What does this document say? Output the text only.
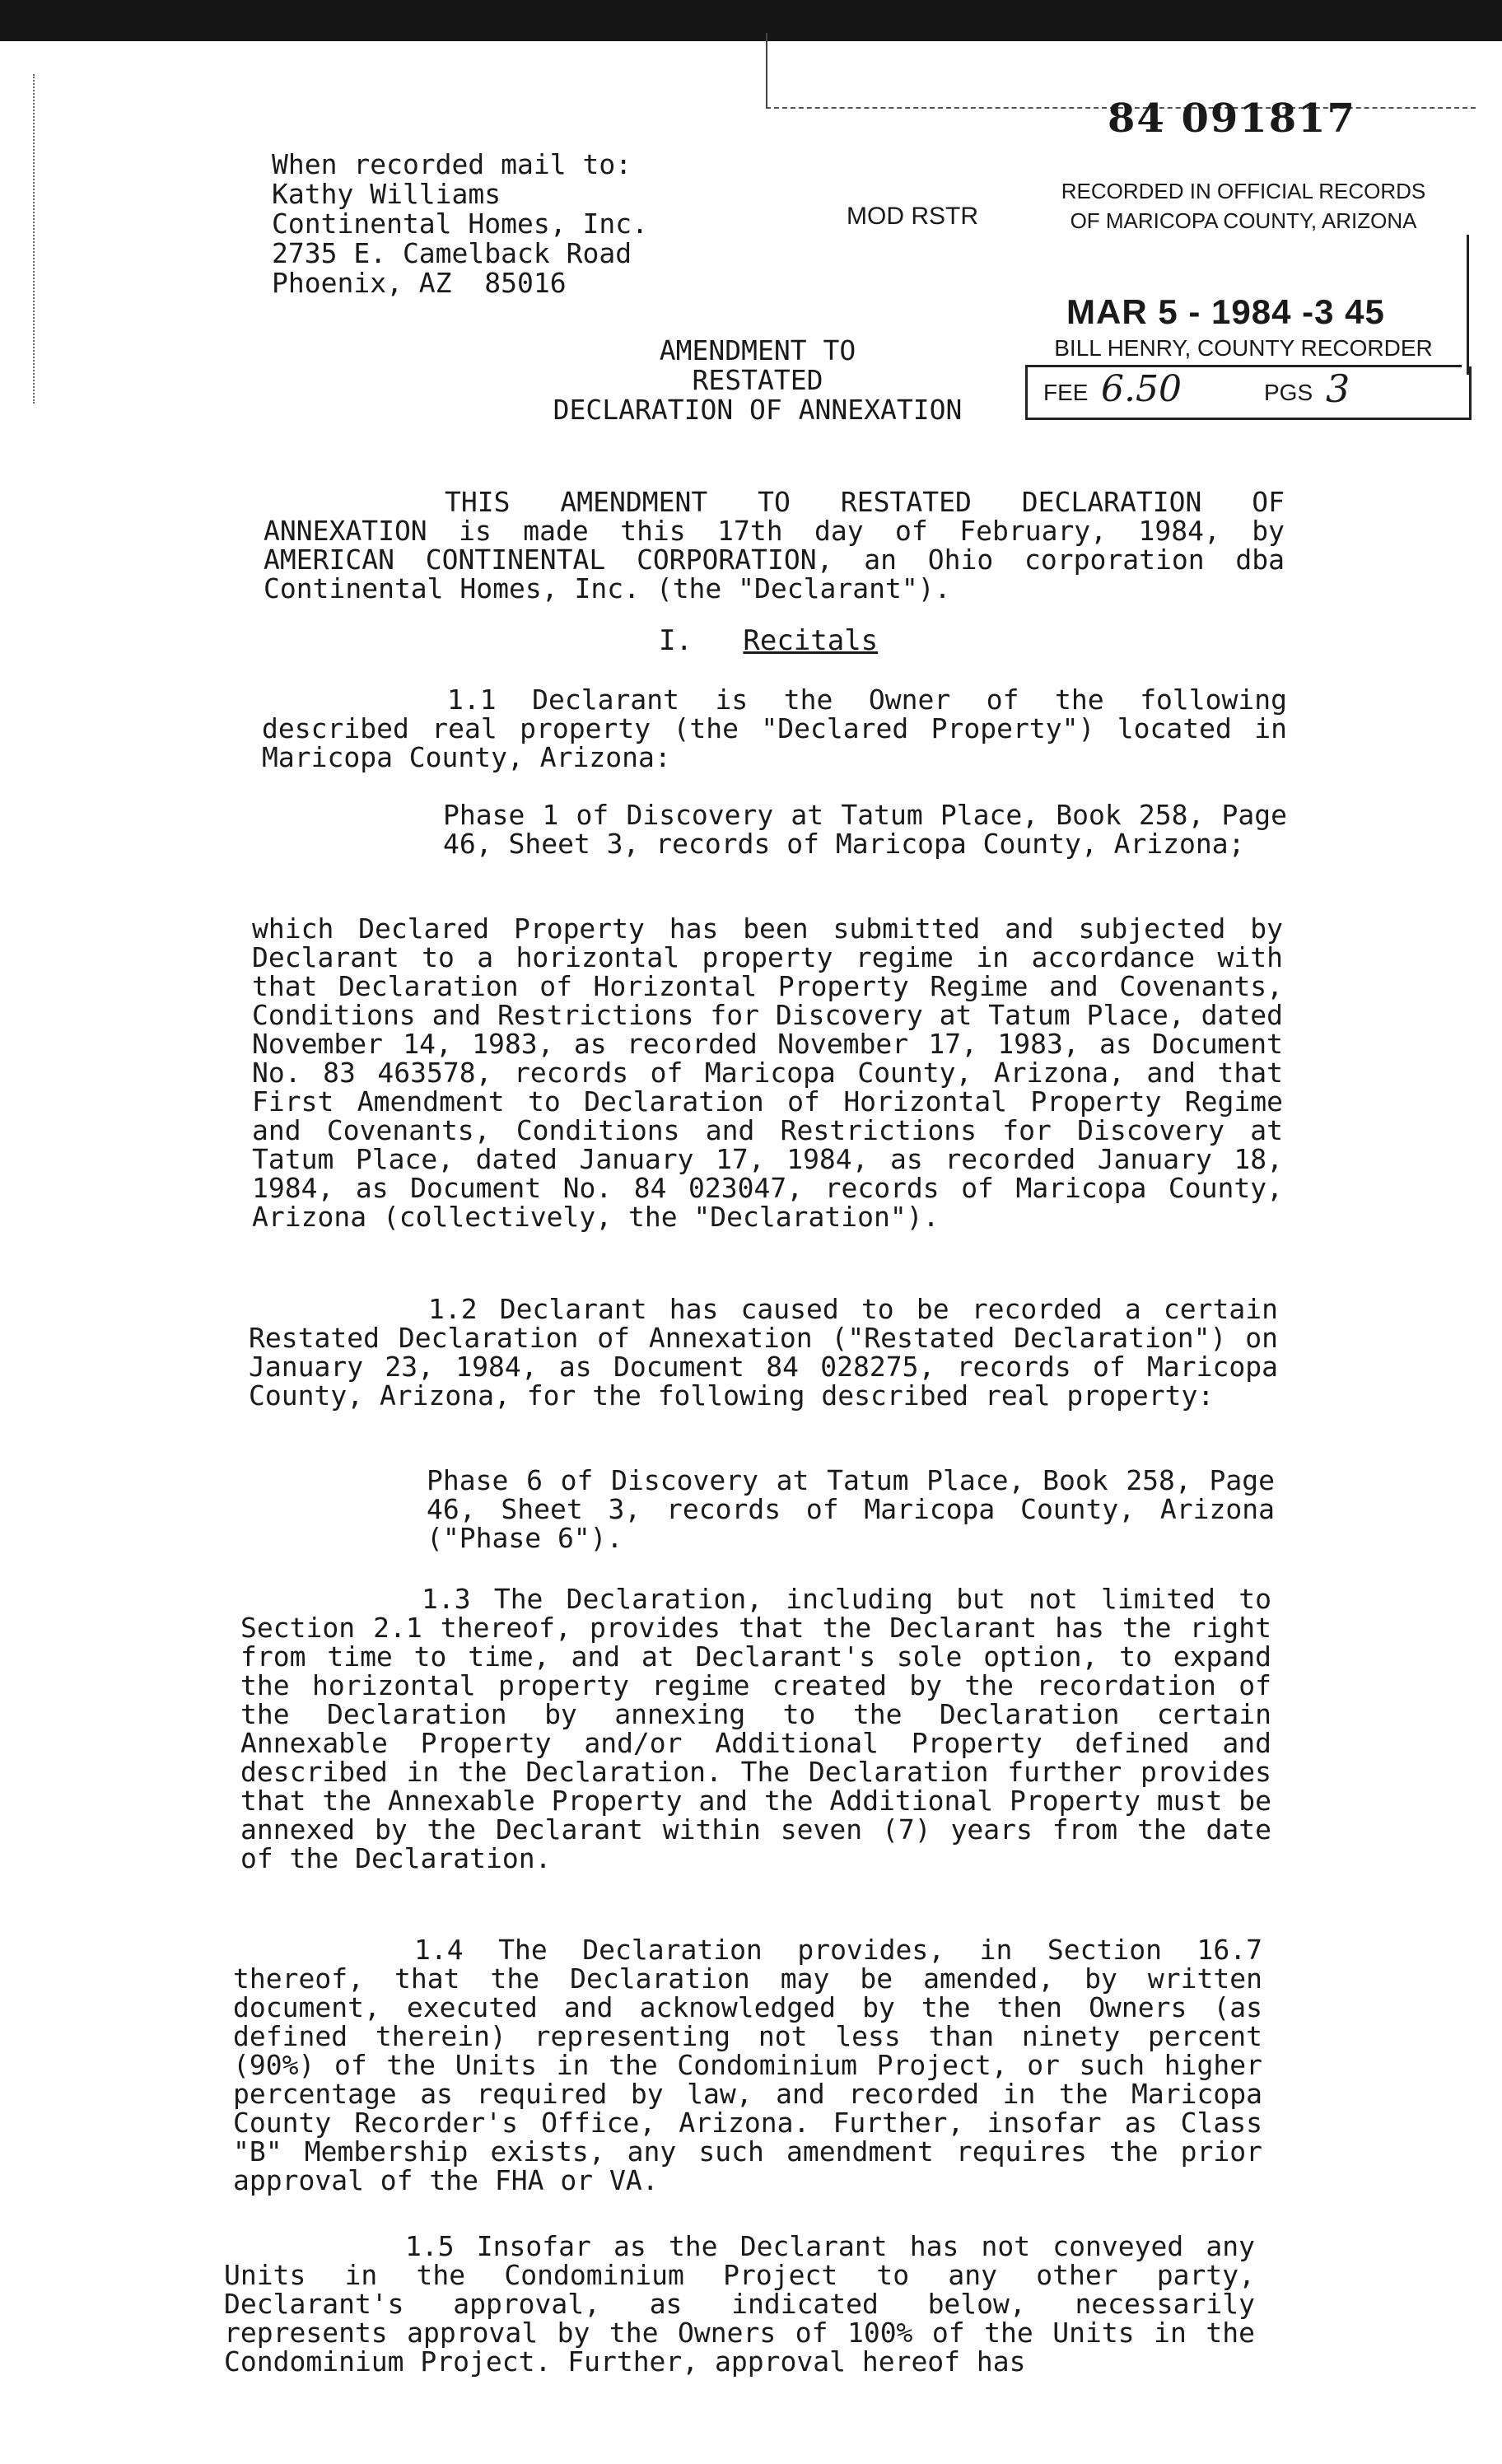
84 091817
When recorded mail to:
Kathy Williams
Continental Homes, Inc.
2735 E. Camelback Road
Phoenix, AZ  85016
MOD RSTR
RECORDED IN OFFICIAL RECORDS
OF MARICOPA COUNTY, ARIZONA
MAR 5 - 1984 -3 45
BILL HENRY, COUNTY RECORDER
FEE 6.50	PGS 3
AMENDMENT TO
RESTATED
DECLARATION OF ANNEXATION
THIS AMENDMENT TO RESTATED DECLARATION OF ANNEXATION is made this 17th day of February, 1984, by AMERICAN CONTINENTAL CORPORATION, an Ohio corporation dba Continental Homes, Inc. (the "Declarant").
I. Recitals
1.1 Declarant is the Owner of the following described real property (the "Declared Property") located in Maricopa County, Arizona:
Phase 1 of Discovery at Tatum Place, Book 258, Page 46, Sheet 3, records of Maricopa County, Arizona;
which Declared Property has been submitted and subjected by Declarant to a horizontal property regime in accordance with that Declaration of Horizontal Property Regime and Covenants, Conditions and Restrictions for Discovery at Tatum Place, dated November 14, 1983, as recorded November 17, 1983, as Document No. 83 463578, records of Maricopa County, Arizona, and that First Amendment to Declaration of Horizontal Property Regime and Covenants, Conditions and Restrictions for Discovery at Tatum Place, dated January 17, 1984, as recorded January 18, 1984, as Document No. 84 023047, records of Maricopa County, Arizona (collectively, the "Declaration").
1.2 Declarant has caused to be recorded a certain Restated Declaration of Annexation ("Restated Declaration") on January 23, 1984, as Document 84 028275, records of Maricopa County, Arizona, for the following described real property:
Phase 6 of Discovery at Tatum Place, Book 258, Page 46, Sheet 3, records of Maricopa County, Arizona ("Phase 6").
1.3 The Declaration, including but not limited to Section 2.1 thereof, provides that the Declarant has the right from time to time, and at Declarant's sole option, to expand the horizontal property regime created by the recordation of the Declaration by annexing to the Declaration certain Annexable Property and/or Additional Property defined and described in the Declaration. The Declaration further provides that the Annexable Property and the Additional Property must be annexed by the Declarant within seven (7) years from the date of the Declaration.
1.4 The Declaration provides, in Section 16.7 thereof, that the Declaration may be amended, by written document, executed and acknowledged by the then Owners (as defined therein) representing not less than ninety percent (90%) of the Units in the Condominium Project, or such higher percentage as required by law, and recorded in the Maricopa County Recorder's Office, Arizona. Further, insofar as Class "B" Membership exists, any such amendment requires the prior approval of the FHA or VA.
1.5 Insofar as the Declarant has not conveyed any Units in the Condominium Project to any other party, Declarant's approval, as indicated below, necessarily represents approval by the Owners of 100% of the Units in the Condominium Project. Further, approval hereof has
